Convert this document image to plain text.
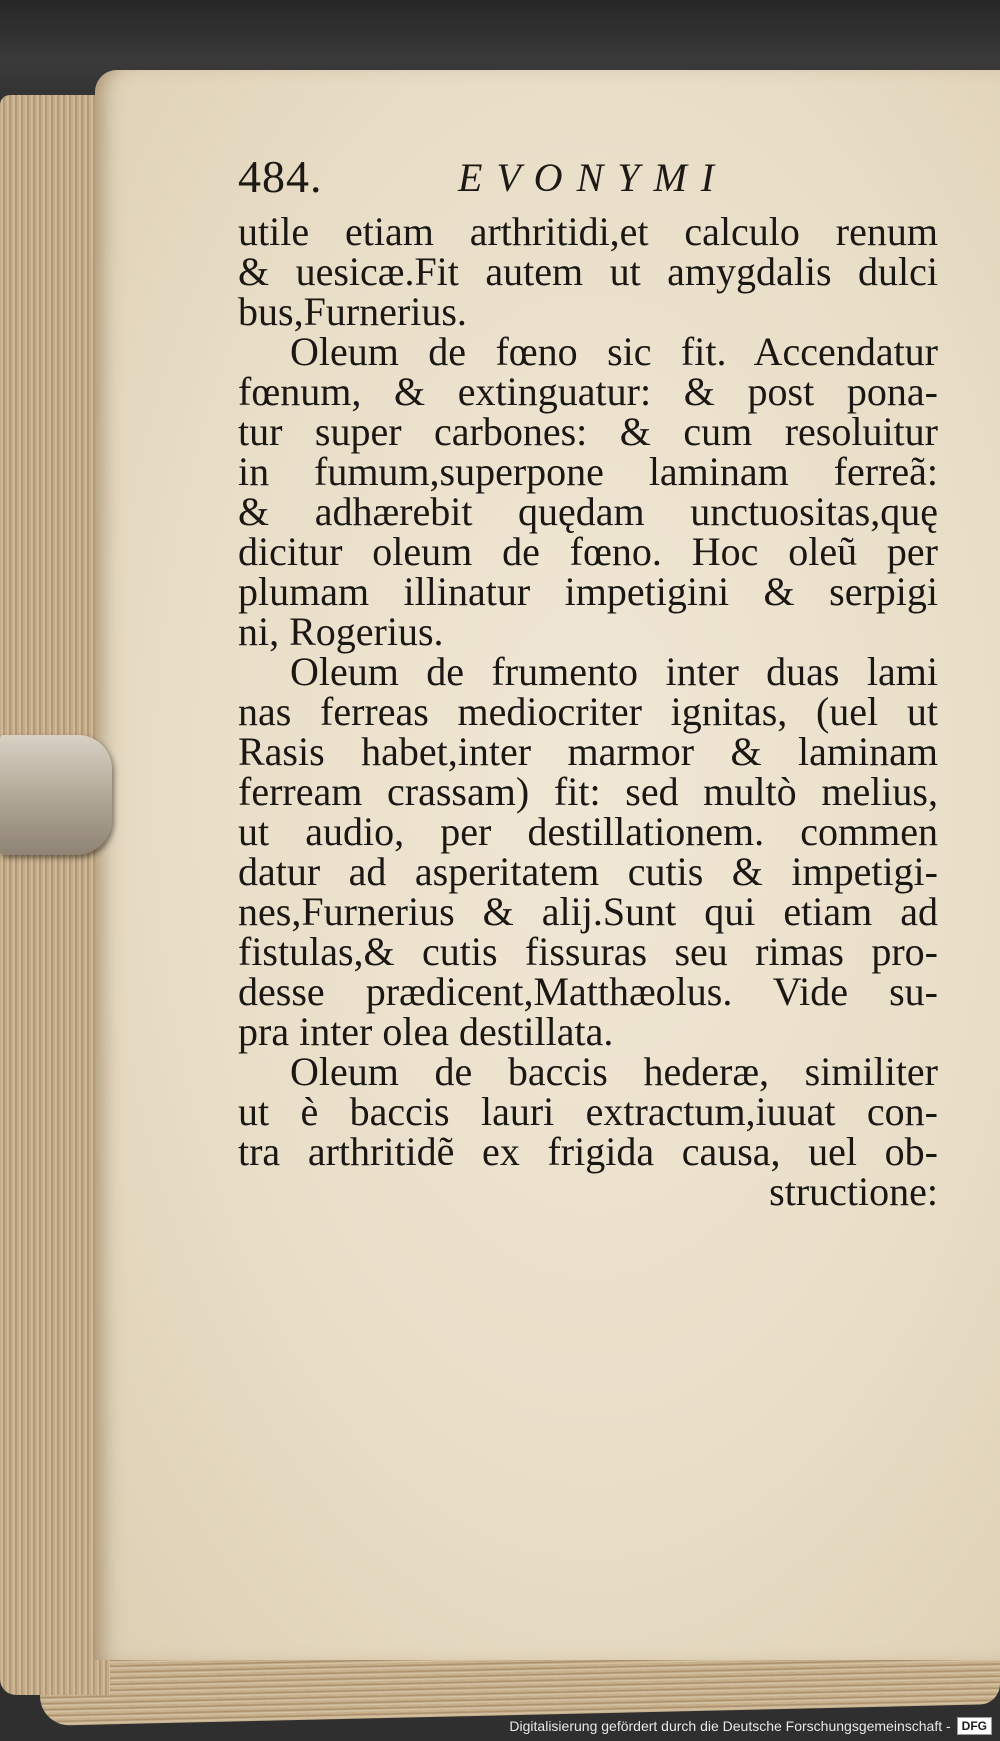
484.	EVONYMI
utile etiam arthritidi,et calculo renum
& uesicæ.Fit autem ut amygdalis dulci
bus,Furnerius.
Oleum de fœno sic fit. Accendatur
fœnum, & extinguatur: & post pona-
tur super carbones: & cum resoluitur
in fumum,superpone laminam ferreã:
& adhærebit quędam unctuositas,quę
dicitur oleum de fœno. Hoc oleũ per
plumam illinatur impetigini & serpigi
ni, Rogerius.
Oleum de frumento inter duas lami
nas ferreas mediocriter ignitas, (uel ut
Rasis habet,inter marmor & laminam
ferream crassam) fit: sed multò melius,
ut audio, per destillationem. commen
datur ad asperitatem cutis & impetigi-
nes,Furnerius & alij.Sunt qui etiam ad
fistulas,& cutis fissuras seu rimas pro-
desse prædicent,Matthæolus. Vide su-
pra inter olea destillata.
Oleum de baccis hederæ, similiter
ut è baccis lauri extractum,iuuat con-
tra arthritidẽ ex frigida causa, uel ob-
structione:
Digitalisierung gefördert durch die Deutsche Forschungsgemeinschaft - DFG
